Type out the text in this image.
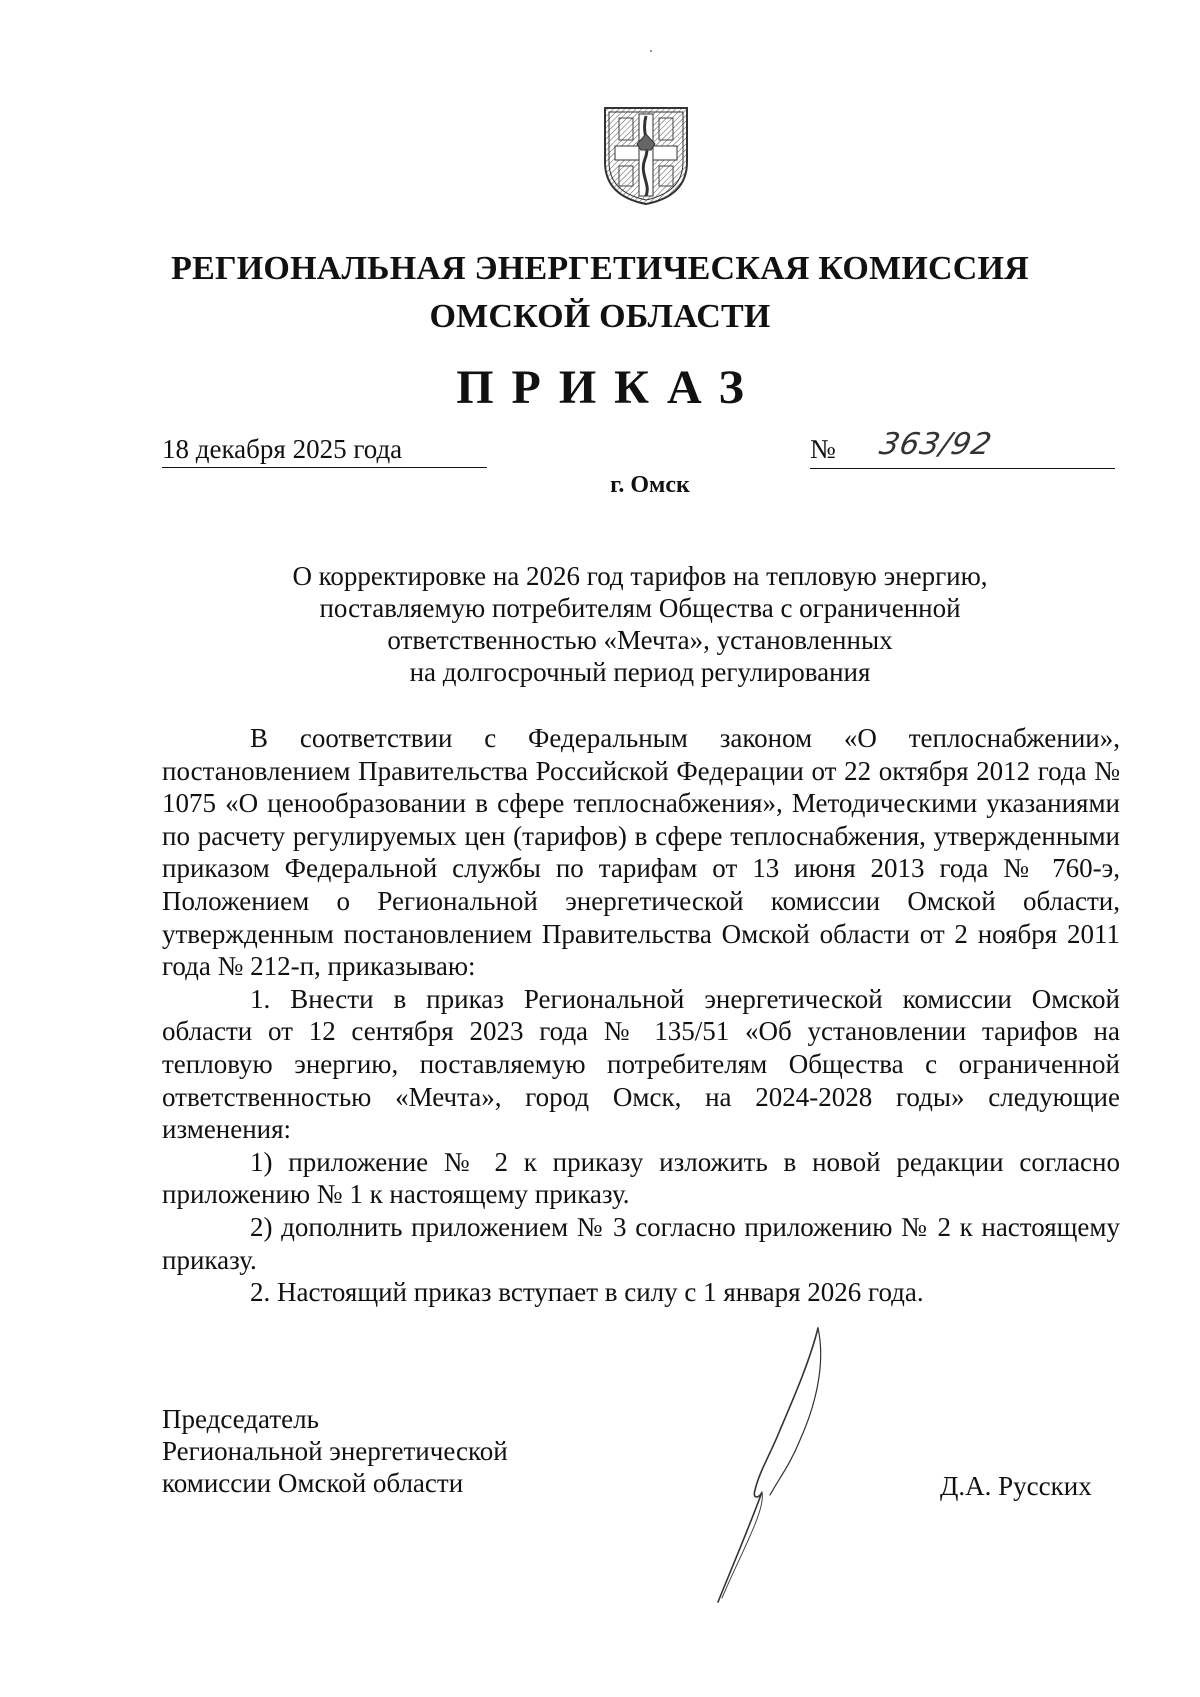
РЕГИОНАЛЬНАЯ ЭНЕРГЕТИЧЕСКАЯ КОМИССИЯ
ОМСКОЙ ОБЛАСТИ
ПРИКАЗ
18 декабря 2025 года	№ 363/92
г. Омск
О корректировке на 2026 год тарифов на тепловую энергию,
поставляемую потребителям Общества с ограниченной
ответственностью «Мечта», установленных
на долгосрочный период регулирования

В соответствии с Федеральным законом «О теплоснабжении», постановлением Правительства Российской Федерации от 22 октября 2012 года № 1075 «О ценообразовании в сфере теплоснабжения», Методическими указаниями по расчету регулируемых цен (тарифов) в сфере теплоснабжения, утвержденными приказом Федеральной службы по тарифам от 13 июня 2013 года № 760-э, Положением о Региональной энергетической комиссии Омской области, утвержденным постановлением Правительства Омской области от 2 ноября 2011 года № 212-п, приказываю:

1. Внести в приказ Региональной энергетической комиссии Омской области от 12 сентября 2023 года № 135/51 «Об установлении тарифов на тепловую энергию, поставляемую потребителям Общества с ограниченной ответственностью «Мечта», город Омск, на 2024-2028 годы» следующие изменения:

1) приложение № 2 к приказу изложить в новой редакции согласно приложению № 1 к настоящему приказу.

2) дополнить приложением № 3 согласно приложению № 2 к настоящему приказу.

2. Настоящий приказ вступает в силу с 1 января 2026 года.

Председатель
Региональной энергетической
комиссии Омской области	Д.А. Русских
